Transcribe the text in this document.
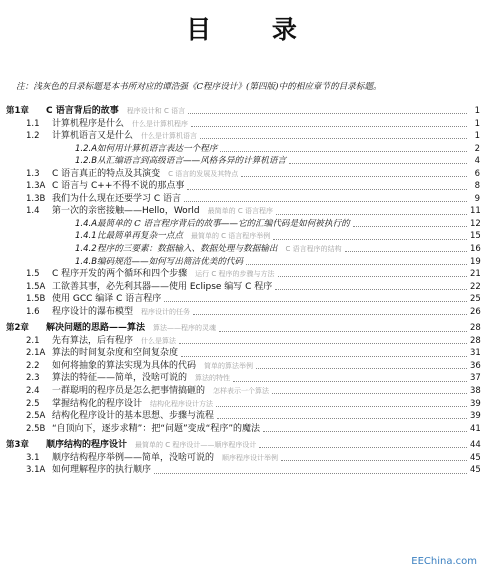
目 录
注：浅灰色的目录标题是本书所对应的谭浩强《C程序设计》(第四版)中的相应章节的目录标题。
第1章 C 语言背后的故事 程序设计和 C 语言	1
1.1 计算机程序是什么 什么是计算机程序	1
1.2 计算机语言又是什么 什么是计算机语言	1
1.2.A 如何用计算机语言表达一个程序	2
1.2.B 从汇编语言到高级语言——风格各异的计算机语言	4
1.3 C 语言真正的特点及其演变 C 语言的发展及其特点	6
1.3A C 语言与 C++不得不说的那点事	8
1.3B 我们为什么现在还要学习 C 语言	9
1.4 第一次的亲密接触——Hello，World 最简单的 C 语言程序	11
1.4.A 最简单的 C 语言程序背后的故事——它的汇编代码是如何被执行的	12
1.4.1 比最简单再复杂一点点 最简单的 C 语言程序举例	15
1.4.2 程序的三要素：数据输入、数据处理与数据输出 C 语言程序的结构	16
1.4.B 编码规范——如何写出简洁优美的代码	19
1.5 C 程序开发的两个循环和四个步骤 运行 C 程序的步骤与方法	21
1.5A 工欲善其事，必先利其器——使用 Eclipse 编写 C 程序	22
1.5B 使用 GCC 编译 C 语言程序	25
1.6 程序设计的瀑布模型 程序设计的任务	26
第2章 解决问题的思路——算法 算法——程序的灵魂	28
2.1 先有算法，后有程序 什么是算法	28
2.1A 算法的时间复杂度和空间复杂度	31
2.2 如何将抽象的算法实现为具体的代码 简单的算法举例	36
2.3 算法的特征——简单，没啥可说的 算法的特性	37
2.4 一群聪明的程序员是怎么把事情搞砸的 怎样表示一个算法	38
2.5 掌握结构化的程序设计 结构化程序设计方法	39
2.5A 结构化程序设计的基本思想、步骤与流程	39
2.5B “自顶向下，逐步求精”：把“问题”变成“程序”的魔法	41
第3章 顺序结构的程序设计 最简单的 C 程序设计——顺序程序设计	44
3.1 顺序结构程序举例——简单，没啥可说的 顺序程序设计举例	45
3.1A 如何理解程序的执行顺序	45
EEChina.com
